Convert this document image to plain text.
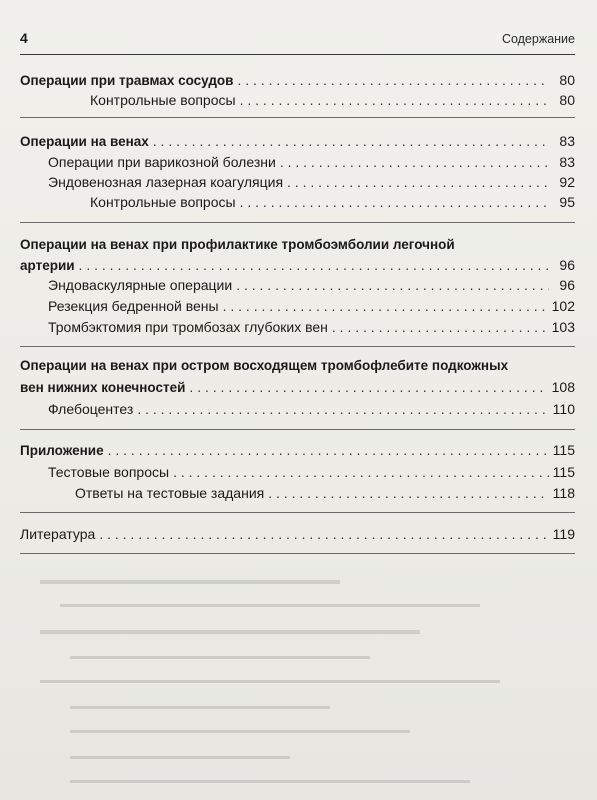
4	Содержание
Операции при травмах сосудов . . .	80
Контрольные вопросы . . .	80
Операции на венах . . .	83
Операции при варикозной болезни . . .	83
Эндовенозная лазерная коагуляция . . .	92
Контрольные вопросы . . .	95
Операции на венах при профилактике тромбоэмболии легочной
артерии . . .	96
Эндоваскулярные операции . . .	96
Резекция бедренной вены . . .	102
Тромбэктомия при тромбозах глубоких вен . . .	103
Операции на венах при остром восходящем тромбофлебите подкожных
вен нижних конечностей . . .	108
Флебоцентез . . .	110
Приложение . . .	115
Тестовые вопросы . . .	115
Ответы на тестовые задания . . .	118
Литература . . .	119
